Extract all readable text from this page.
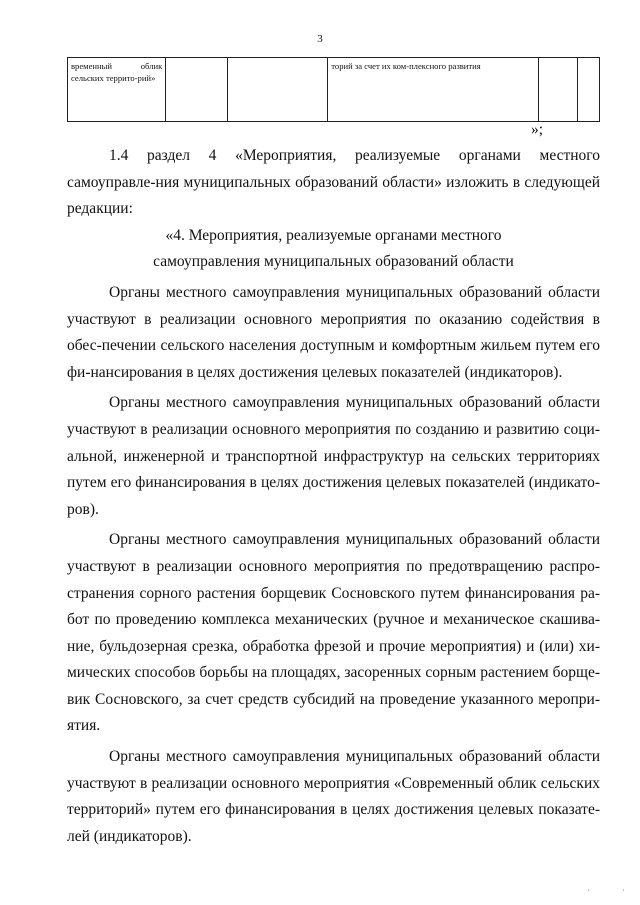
3
временный облик сельских террито-рий»			торий за счет их ком-плексного развития		
»;

1.4 раздел 4 «Мероприятия, реализуемые органами местного самоуправле-ния муниципальных образований области» изложить в следующей редакции:

«4. Мероприятия, реализуемые органами местного

самоуправления муниципальных образований области

Органы местного самоуправления муниципальных образований области участвуют в реализации основного мероприятия по оказанию содействия в обес-печении сельского населения доступным и комфортным жильем путем его фи-нансирования в целях достижения целевых показателей (индикаторов).

Органы местного самоуправления муниципальных образований области участвуют в реализации основного мероприятия по созданию и развитию соци-альной, инженерной и транспортной инфраструктур на сельских территориях путем его финансирования в целях достижения целевых показателей (индикато-ров).

Органы местного самоуправления муниципальных образований области участвуют в реализации основного мероприятия по предотвращению распро-странения сорного растения борщевик Сосновского путем финансирования ра-бот по проведению комплекса механических (ручное и механическое скашива-ние, бульдозерная срезка, обработка фрезой и прочие мероприятия) и (или) хи-мических способов борьбы на площадях, засоренных сорным растением борще-вик Сосновского, за счет средств субсидий на проведение указанного меропри-ятия.

Органы местного самоуправления муниципальных образований области участвуют в реализации основного мероприятия «Современный облик сельских территорий» путем его финансирования в целях достижения целевых показате-лей (индикаторов).

,	,
